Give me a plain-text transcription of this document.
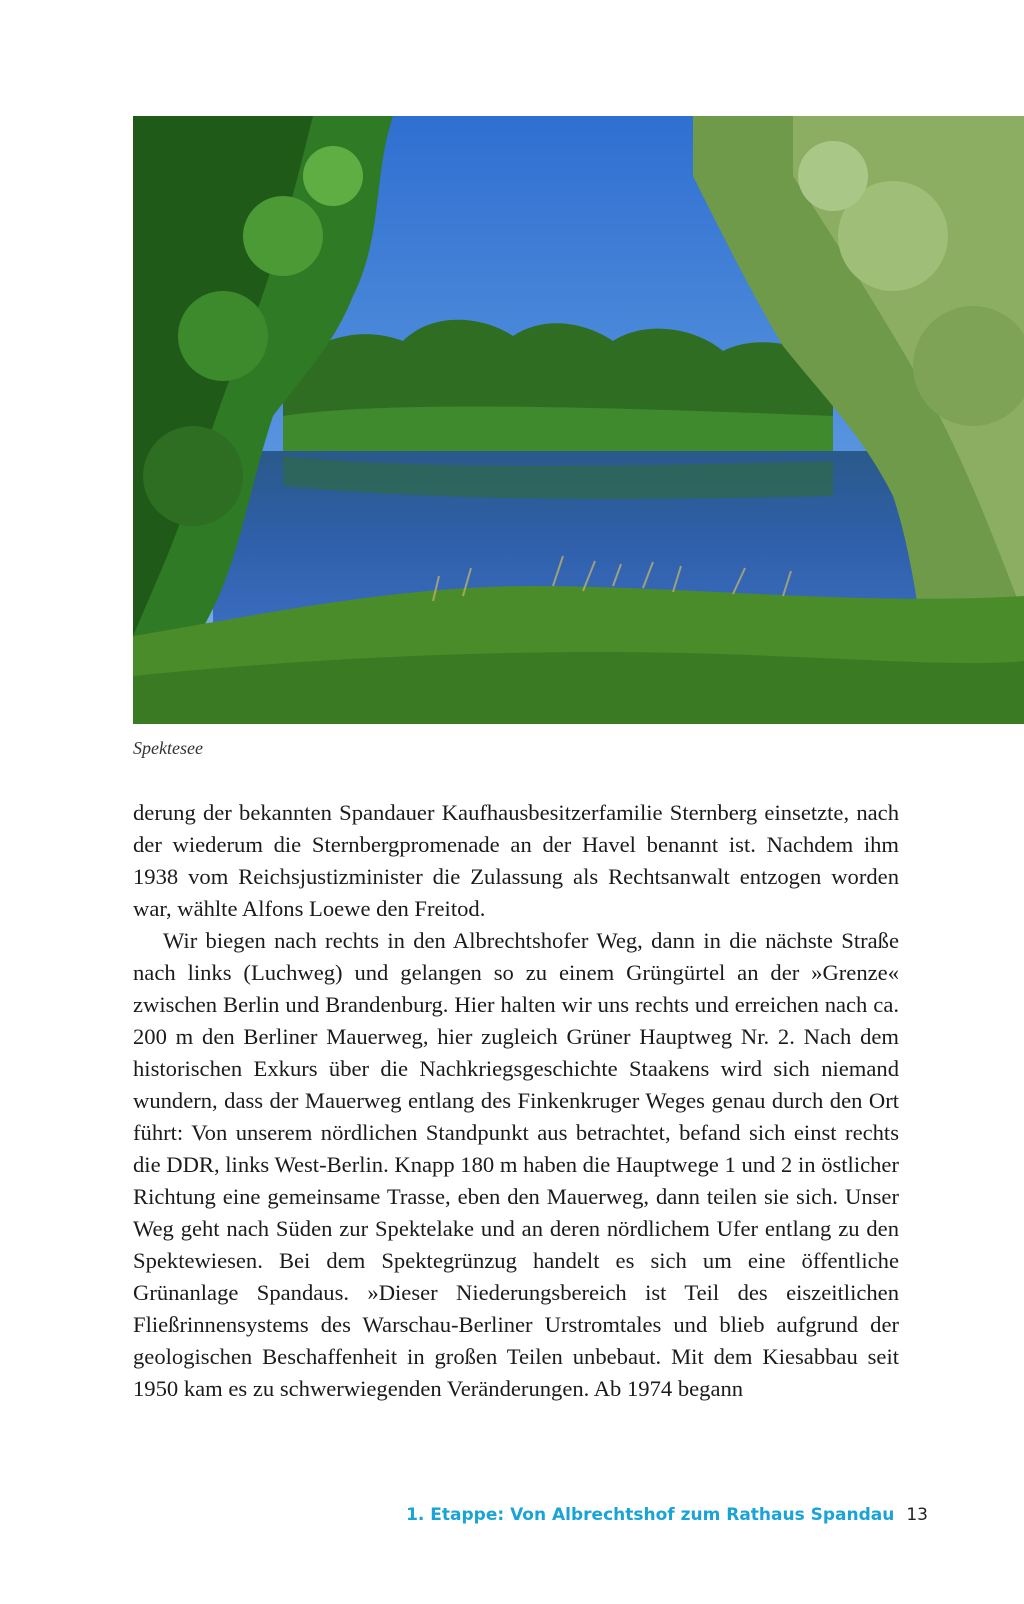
Spektesee

derung der bekannten Spandauer Kaufhausbesitzerfamilie Sternberg einsetzte, nach der wiederum die Sternbergpromenade an der Havel benannt ist. Nachdem ihm 1938 vom Reichsjustizminister die Zulassung als Rechtsanwalt entzogen worden war, wählte Alfons Loewe den Freitod.

Wir biegen nach rechts in den Albrechtshofer Weg, dann in die nächste Straße nach links (Luchweg) und gelangen so zu einem Grüngürtel an der »Grenze« zwischen Berlin und Brandenburg. Hier halten wir uns rechts und erreichen nach ca. 200 m den Berliner Mauerweg, hier zugleich Grüner Hauptweg Nr. 2. Nach dem historischen Exkurs über die Nachkriegsgeschichte Staakens wird sich niemand wundern, dass der Mauerweg entlang des Finkenkruger Weges genau durch den Ort führt: Von unserem nördlichen Standpunkt aus betrachtet, befand sich einst rechts die DDR, links West-Berlin. Knapp 180 m haben die Hauptwege 1 und 2 in östlicher Richtung eine gemeinsame Trasse, eben den Mauerweg, dann teilen sie sich. Unser Weg geht nach Süden zur Spektelake und an deren nördlichem Ufer entlang zu den Spektewiesen. Bei dem Spektegrünzug handelt es sich um eine öffentliche Grünanlage Spandaus. »Dieser Niederungsbereich ist Teil des eiszeitlichen Fließrinnensystems des Warschau-Berliner Urstromtales und blieb aufgrund der geologischen Beschaffenheit in großen Teilen unbebaut. Mit dem Kiesabbau seit 1950 kam es zu schwerwiegenden Veränderungen. Ab 1974 begann

1. Etappe: Von Albrechtshof zum Rathaus Spandau 13
